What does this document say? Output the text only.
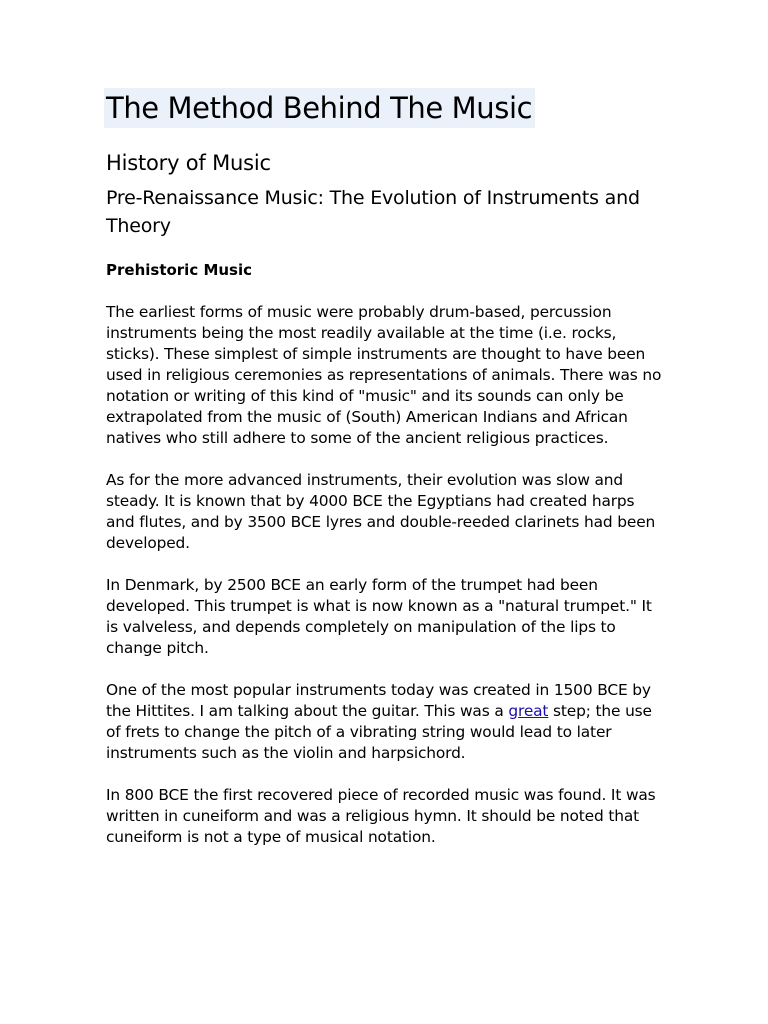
The Method Behind The Music
History of Music
Pre-Renaissance Music: The Evolution of Instruments and Theory
Prehistoric Music

The earliest forms of music were probably drum-based, percussion instruments being the most readily available at the time (i.e. rocks, sticks). These simplest of simple instruments are thought to have been used in religious ceremonies as representations of animals. There was no notation or writing of this kind of "music" and its sounds can only be extrapolated from the music of (South) American Indians and African natives who still adhere to some of the ancient religious practices.

As for the more advanced instruments, their evolution was slow and steady. It is known that by 4000 BCE the Egyptians had created harps and flutes, and by 3500 BCE lyres and double-reeded clarinets had been developed.

In Denmark, by 2500 BCE an early form of the trumpet had been developed. This trumpet is what is now known as a "natural trumpet." It is valveless, and depends completely on manipulation of the lips to change pitch.

One of the most popular instruments today was created in 1500 BCE by the Hittites. I am talking about the guitar. This was a great step; the use of frets to change the pitch of a vibrating string would lead to later instruments such as the violin and harpsichord.

In 800 BCE the first recovered piece of recorded music was found. It was written in cuneiform and was a religious hymn. It should be noted that cuneiform is not a type of musical notation.
